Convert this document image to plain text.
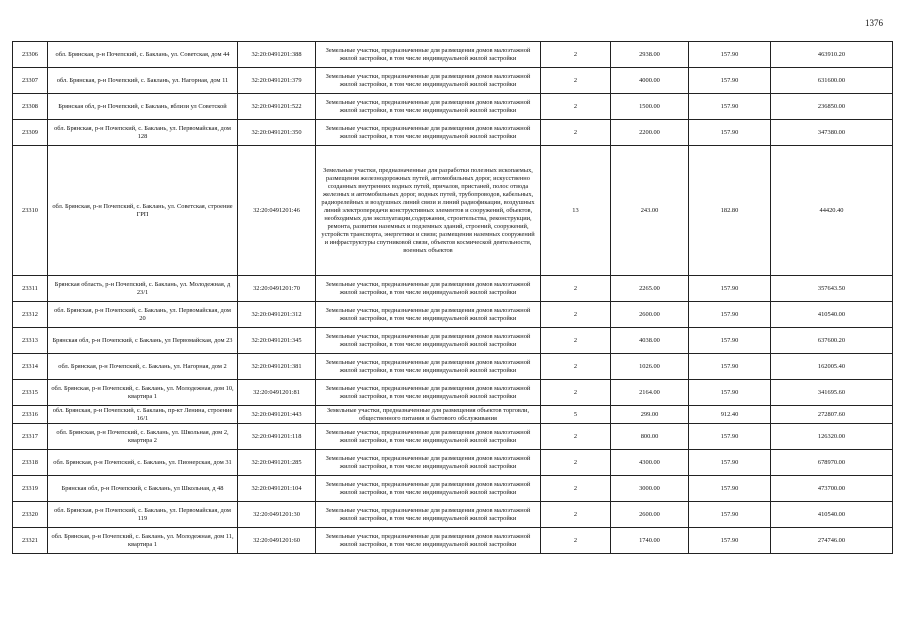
1376
23306	обл. Брянская, р-н Почепский, с. Баклань, ул. Советская, дом 44	32:20:0491201:388	Земельные участки, предназначенные для размещения домов малоэтажной жилой застройки, в том числе индивидуальной жилой застройки	2	2938.00	157.90	463910.20
23307	обл. Брянская, р-н Почепский, с. Баклань, ул. Нагорная, дом 11	32:20:0491201:379	Земельные участки, предназначенные для размещения домов малоэтажной жилой застройки, в том числе индивидуальной жилой застройки	2	4000.00	157.90	631600.00
23308	Брянская обл, р-н Почепский, с Баклань, вблизи ул Советской	32:20:0491201:522	Земельные участки, предназначенные для размещения домов малоэтажной жилой застройки, в том числе индивидуальной жилой застройки	2	1500.00	157.90	236850.00
23309	обл. Брянская, р-н Почепский, с. Баклань, ул. Первомайская, дом 128	32:20:0491201:350	Земельные участки, предназначенные для размещения домов малоэтажной жилой застройки, в том числе индивидуальной жилой застройки	2	2200.00	157.90	347380.00
23310	обл. Брянская, р-н Почепский, с. Баклань, ул. Советская, строение ГРП	32:20:0491201:46	Земельные участки, предназначенные для разработки полезных ископаемых, размещения железнодорожных путей, автомобильных дорог, искусственно созданных внутренних водных путей, причалов, пристаней, полос отвода железных и автомобильных дорог, водных путей, трубопроводов, кабельных, радиорелейных и воздушных линий связи и линий радиофикации, воздушных линий электропередачи конструктивных элементов и сооружений, объектов, необходимых для эксплуатации,содержания, строительства, реконструкции, ремонта, развития наземных и подземных зданий, строений, сооружений, устройств транспорта, энергетики и связи; размещения наземных сооружений и инфраструктуры спутниковой связи, объектов космической деятельности, военных объектов	13	243.00	182.80	44420.40
23311	Брянская область, р-н Почепский, с. Баклань, ул. Молодежная, д 23/1	32:20:0491201:70	Земельные участки, предназначенные для размещения домов малоэтажной жилой застройки, в том числе индивидуальной жилой застройки	2	2265.00	157.90	357643.50
23312	обл. Брянская, р-н Почепский, с. Баклань, ул. Первомайская, дом 20	32:20:0491201:312	Земельные участки, предназначенные для размещения домов малоэтажной жилой застройки, в том числе индивидуальной жилой застройки	2	2600.00	157.90	410540.00
23313	Брянская обл, р-н Почепский, с Баклань, ул Первомайская, дом 23	32:20:0491201:345	Земельные участки, предназначенные для размещения домов малоэтажной жилой застройки, в том числе индивидуальной жилой застройки	2	4038.00	157.90	637600.20
23314	обл. Брянская, р-н Почепский, с. Баклань, ул. Нагорная, дом 2	32:20:0491201:381	Земельные участки, предназначенные для размещения домов малоэтажной жилой застройки, в том числе индивидуальной жилой застройки	2	1026.00	157.90	162005.40
23315	обл. Брянская, р-н Почепский, с. Баклань, ул. Молодежная, дом 10, квартира 1	32:20:0491201:81	Земельные участки, предназначенные для размещения домов малоэтажной жилой застройки, в том числе индивидуальной жилой застройки	2	2164.00	157.90	341695.60
23316	обл. Брянская, р-н Почепский, с. Баклань, пр-кт Ленина, строение 16/1	32:20:0491201:443	Земельные участки, предназначенные для размещения объектов торговли, общественного питания и бытового обслуживания	5	299.00	912.40	272807.60
23317	обл. Брянская, р-н Почепский, с. Баклань, ул. Школьная, дом 2, квартира 2	32:20:0491201:118	Земельные участки, предназначенные для размещения домов малоэтажной жилой застройки, в том числе индивидуальной жилой застройки	2	800.00	157.90	126320.00
23318	обл. Брянская, р-н Почепский, с. Баклань, ул. Пионерская, дом 31	32:20:0491201:285	Земельные участки, предназначенные для размещения домов малоэтажной жилой застройки, в том числе индивидуальной жилой застройки	2	4300.00	157.90	678970.00
23319	Брянская обл, р-н Почепский, с Баклань, ул Школьная, д 48	32:20:0491201:104	Земельные участки, предназначенные для размещения домов малоэтажной жилой застройки, в том числе индивидуальной жилой застройки	2	3000.00	157.90	473700.00
23320	обл. Брянская, р-н Почепский, с. Баклань, ул. Первомайская, дом 119	32:20:0491201:30	Земельные участки, предназначенные для размещения домов малоэтажной жилой застройки, в том числе индивидуальной жилой застройки	2	2600.00	157.90	410540.00
23321	обл. Брянская, р-н Почепский, с. Баклань, ул. Молодежная, дом 11, квартира 1	32:20:0491201:60	Земельные участки, предназначенные для размещения домов малоэтажной жилой застройки, в том числе индивидуальной жилой застройки	2	1740.00	157.90	274746.00
